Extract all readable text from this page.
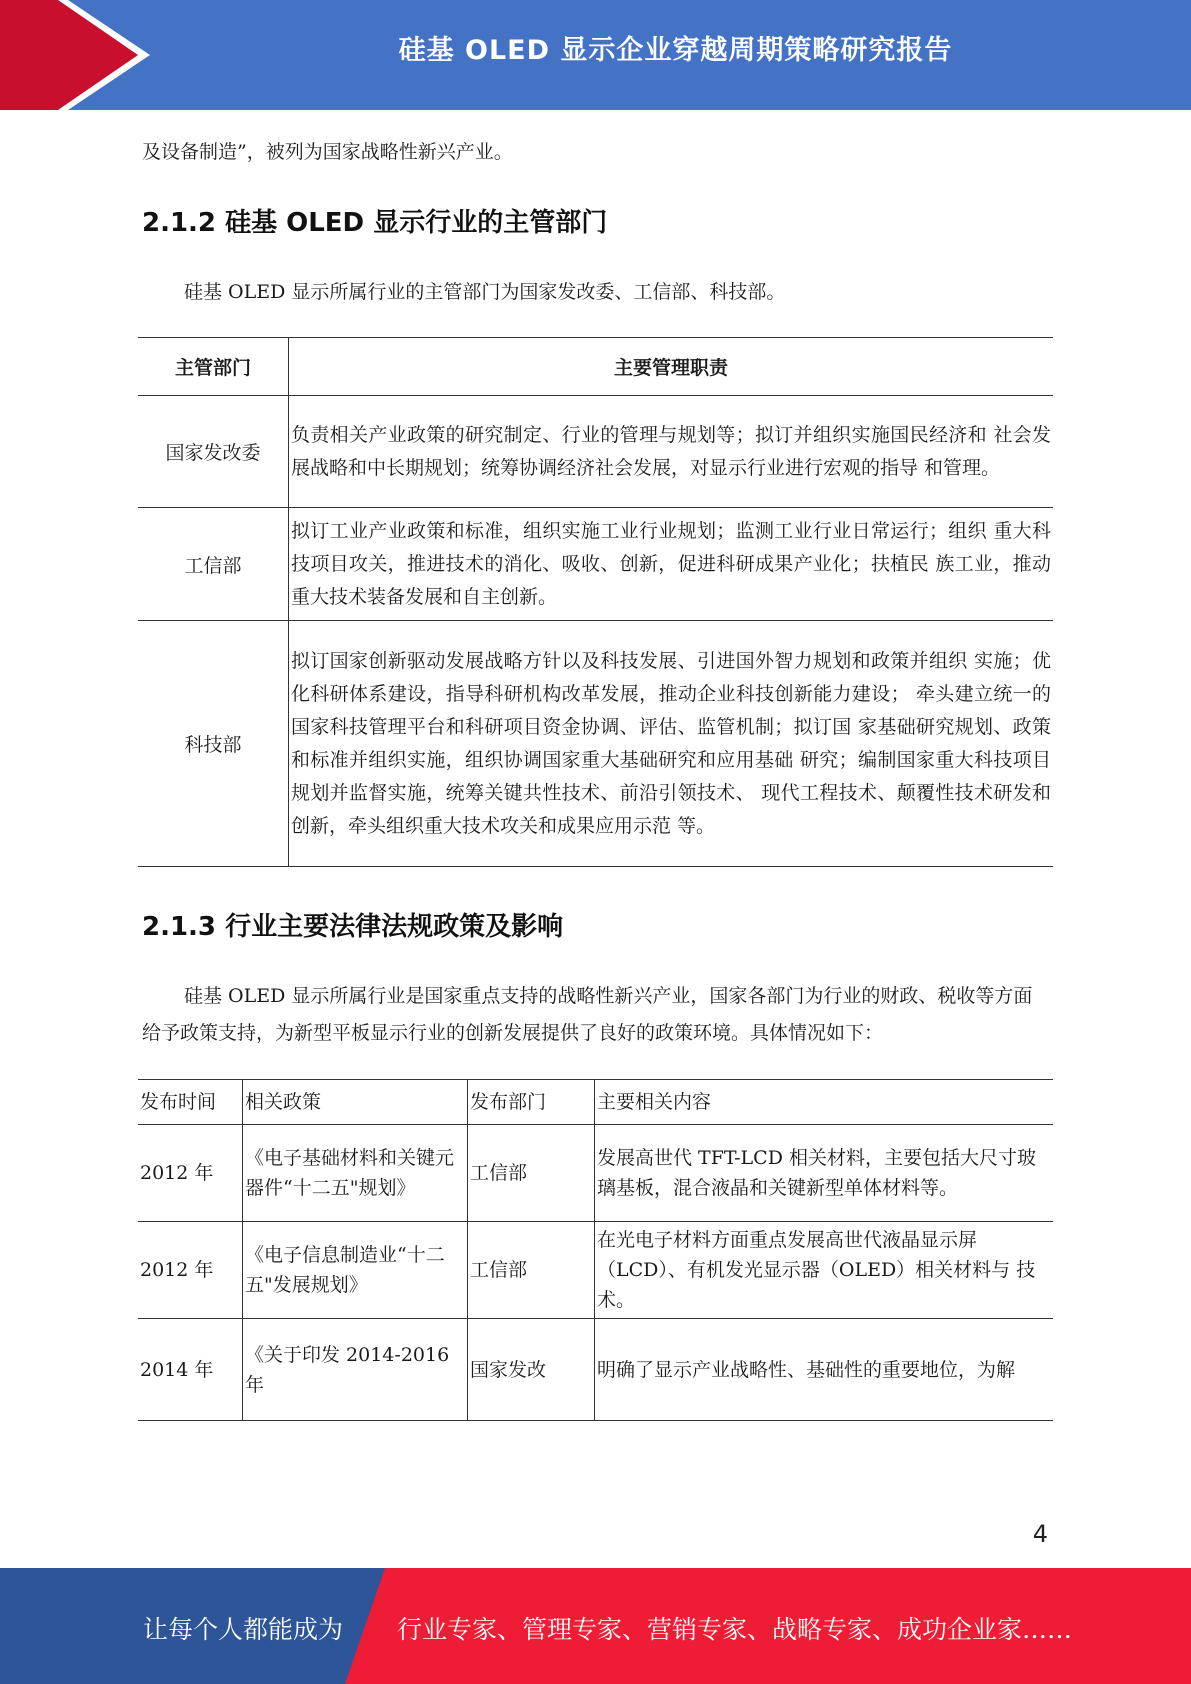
硅基 OLED 显示企业穿越周期策略研究报告

及设备制造”，被列为国家战略性新兴产业。

2.1.2 硅基 OLED 显示行业的主管部门

硅基 OLED 显示所属行业的主管部门为国家发改委、工信部、科技部。

主管部门	主要管理职责
国家发改委	负责相关产业政策的研究制定、行业的管理与规划等；拟订并组织实施国民经济和 社会发展战略和中长期规划；统筹协调经济社会发展，对显示行业进行宏观的指导 和管理。
工信部	拟订工业产业政策和标准，组织实施工业行业规划；监测工业行业日常运行；组织 重大科技项目攻关，推进技术的消化、吸收、创新，促进科研成果产业化；扶植民 族工业，推动重大技术装备发展和自主创新。
科技部	拟订国家创新驱动发展战略方针以及科技发展、引进国外智力规划和政策并组织 实施；优化科研体系建设，指导科研机构改革发展，推动企业科技创新能力建设； 牵头建立统一的国家科技管理平台和科研项目资金协调、评估、监管机制；拟订国 家基础研究规划、政策和标准并组织实施，组织协调国家重大基础研究和应用基础 研究；编制国家重大科技项目规划并监督实施，统筹关键共性技术、前沿引领技术、 现代工程技术、颠覆性技术研发和创新，牵头组织重大技术攻关和成果应用示范 等。
2.1.3 行业主要法律法规政策及影响

硅基 OLED 显示所属行业是国家重点支持的战略性新兴产业，国家各部门为行业的财政、税收等方面给予政策支持，为新型平板显示行业的创新发展提供了良好的政策环境。具体情况如下：

发布时间	相关政策	发布部门	主要相关内容
2012 年	《电子基础材料和关键元器件“十二五"规划》	工信部	发展高世代 TFT-LCD 相关材料，主要包括大尺寸玻璃基板，混合液晶和关键新型单体材料等。
2012 年	《电子信息制造业“十二五"发展规划》	工信部	在光电子材料方面重点发展高世代液晶显示屏（LCD）、有机发光显示器（OLED）相关材料与 技术。
2014 年	《关于印发 2014-2016 年	国家发改	明确了显示产业战略性、基础性的重要地位，为解
4
让每个人都能成为 行业专家、管理专家、营销专家、战略专家、成功企业家……
